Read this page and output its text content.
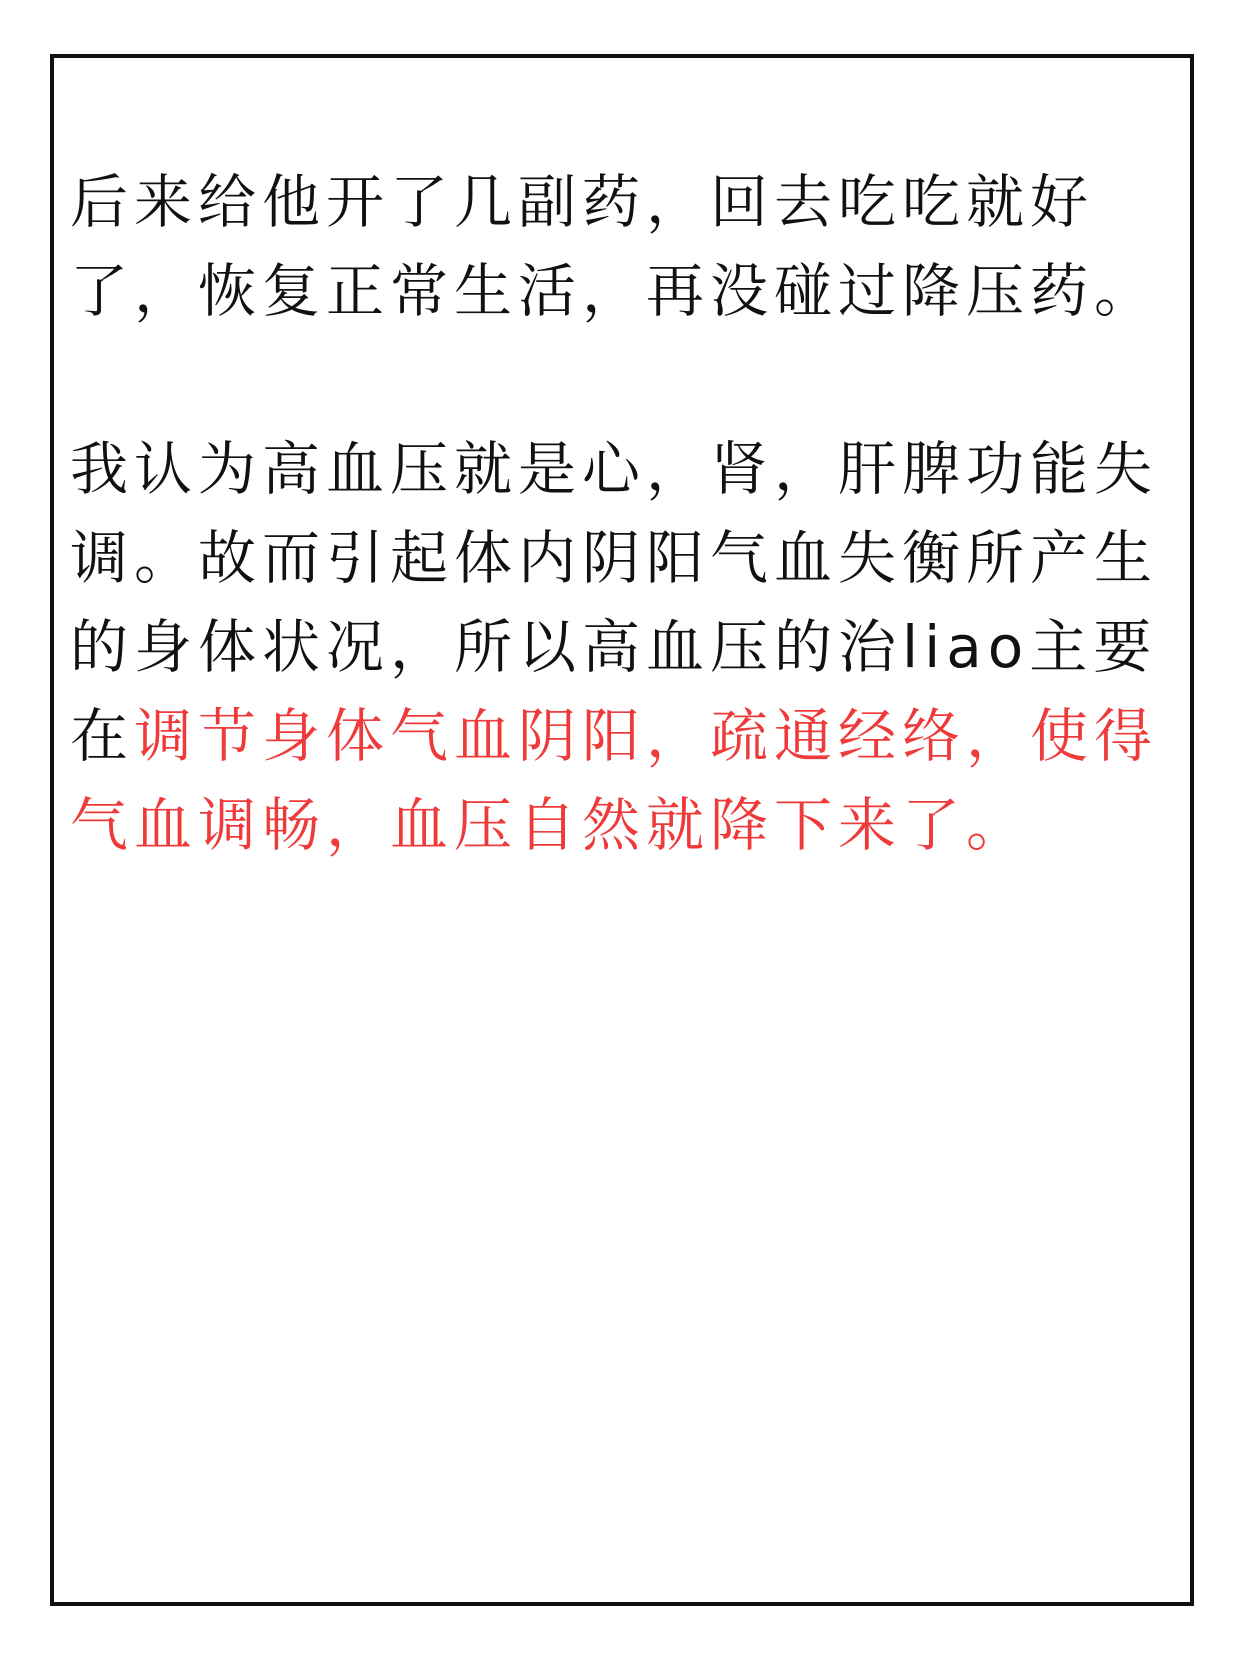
后来给他开了几副药，回去吃吃就好了，恢复正常生活，再没碰过降压药。

我认为高血压就是心，肾，肝脾功能失调。故而引起体内阴阳气血失衡所产生的身体状况，所以高血压的治liao主要在调节身体气血阴阳，疏通经络，使得气血调畅，血压自然就降下来了。
